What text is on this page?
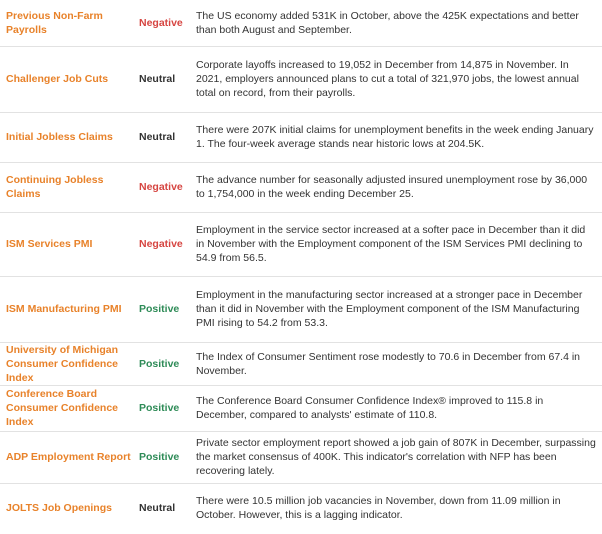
Previous Non-Farm Payrolls	Negative	The US economy added 531K in October, above the 425K expectations and better than both August and September.
Challenger Job Cuts	Neutral	Corporate layoffs increased to 19,052 in December from 14,875 in November. In 2021, employers announced plans to cut a total of 321,970 jobs, the lowest annual total on record, from their payrolls.
Initial Jobless Claims	Neutral	There were 207K initial claims for unemployment benefits in the week ending January 1. The four-week average stands near historic lows at 204.5K.
Continuing Jobless Claims	Negative	The advance number for seasonally adjusted insured unemployment rose by 36,000 to 1,754,000 in the week ending December 25.
ISM Services PMI	Negative	Employment in the service sector increased at a softer pace in December than it did in November with the Employment component of the ISM Services PMI declining to 54.9 from 56.5.
ISM Manufacturing PMI	Positive	Employment in the manufacturing sector increased at a stronger pace in December than it did in November with the Employment component of the ISM Manufacturing PMI rising to 54.2 from 53.3.
University of Michigan Consumer Confidence Index	Positive	The Index of Consumer Sentiment rose modestly to 70.6 in December from 67.4 in November.
Conference Board Consumer Confidence Index	Positive	The Conference Board Consumer Confidence Index® improved to 115.8 in December, compared to analysts' estimate of 110.8.
ADP Employment Report	Positive	Private sector employment report showed a job gain of 807K in December, surpassing the market consensus of 400K. This indicator's correlation with NFP has been recovering lately.
JOLTS Job Openings	Neutral	There were 10.5 million job vacancies in November, down from 11.09 million in October. However, this is a lagging indicator.
